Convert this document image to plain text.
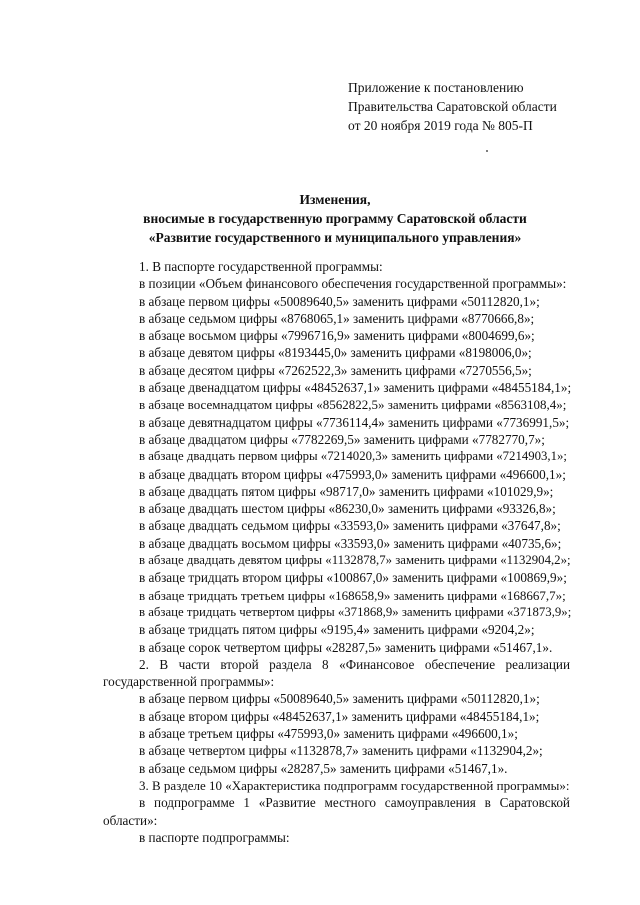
Приложение к постановлению
Правительства Саратовской области
от 20 ноября 2019 года № 805-П
Изменения,
вносимые в государственную программу Саратовской области
«Развитие государственного и муниципального управления»
1. В паспорте государственной программы:
в позиции «Объем финансового обеспечения государственной программы»:
в абзаце первом цифры «50089640,5» заменить цифрами «50112820,1»;
в абзаце седьмом цифры «8768065,1» заменить цифрами «8770666,8»;
в абзаце восьмом цифры «7996716,9» заменить цифрами «8004699,6»;
в абзаце девятом цифры «8193445,0» заменить цифрами «8198006,0»;
в абзаце десятом цифры «7262522,3» заменить цифрами «7270556,5»;
в абзаце двенадцатом цифры «48452637,1» заменить цифрами «48455184,1»;
в абзаце восемнадцатом цифры «8562822,5» заменить цифрами «8563108,4»;
в абзаце девятнадцатом цифры «7736114,4» заменить цифрами «7736991,5»;
в абзаце двадцатом цифры «7782269,5» заменить цифрами «7782770,7»;
в абзаце двадцать первом цифры «7214020,3» заменить цифрами «7214903,1»;
в абзаце двадцать втором цифры «475993,0» заменить цифрами «496600,1»;
в абзаце двадцать пятом цифры «98717,0» заменить цифрами «101029,9»;
в абзаце двадцать шестом цифры «86230,0» заменить цифрами «93326,8»;
в абзаце двадцать седьмом цифры «33593,0» заменить цифрами «37647,8»;
в абзаце двадцать восьмом цифры «33593,0» заменить цифрами «40735,6»;
в абзаце двадцать девятом цифры «1132878,7» заменить цифрами «1132904,2»;
в абзаце тридцать втором цифры «100867,0» заменить цифрами «100869,9»;
в абзаце тридцать третьем цифры «168658,9» заменить цифрами «168667,7»;
в абзаце тридцать четвертом цифры «371868,9» заменить цифрами «371873,9»;
в абзаце тридцать пятом цифры «9195,4» заменить цифрами «9204,2»;
в абзаце сорок четвертом цифры «28287,5» заменить цифрами «51467,1».
2. В части второй раздела 8 «Финансовое обеспечение реализации
государственной программы»:
в абзаце первом цифры «50089640,5» заменить цифрами «50112820,1»;
в абзаце втором цифры «48452637,1» заменить цифрами «48455184,1»;
в абзаце третьем цифры «475993,0» заменить цифрами «496600,1»;
в абзаце четвертом цифры «1132878,7» заменить цифрами «1132904,2»;
в абзаце седьмом цифры «28287,5» заменить цифрами «51467,1».
3. В разделе 10 «Характеристика подпрограмм государственной программы»:
в подпрограмме 1 «Развитие местного самоуправления в Саратовской
области»:
в паспорте подпрограммы:
